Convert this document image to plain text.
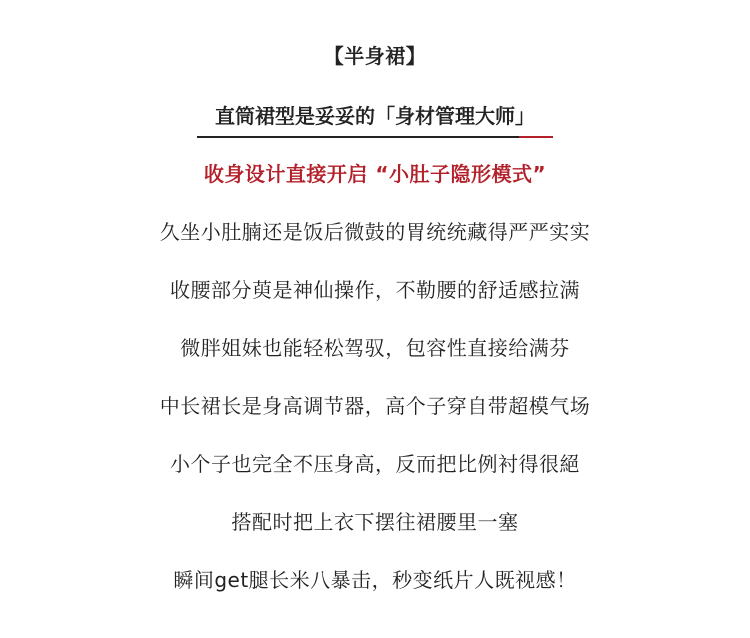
【半身裙】
直筒裙型是妥妥的「身材管理大师」
收身设计直接开启 “小肚子隐形模式”
久坐小肚腩还是饭后微鼓的胃统统藏得严严实实
收腰部分萸是神仙操作，不勒腰的舒适感拉满
微胖姐妹也能轻松驾驭，包容性直接给满芬
中长裙长是身高调节器，高个子穿自带超模气场
小个子也完全不压身高，反而把比例衬得很絕
搭配时把上衣下摆往裙腰里一塞
瞬间get腿长米八暴击，秒变纸片人既视感！
